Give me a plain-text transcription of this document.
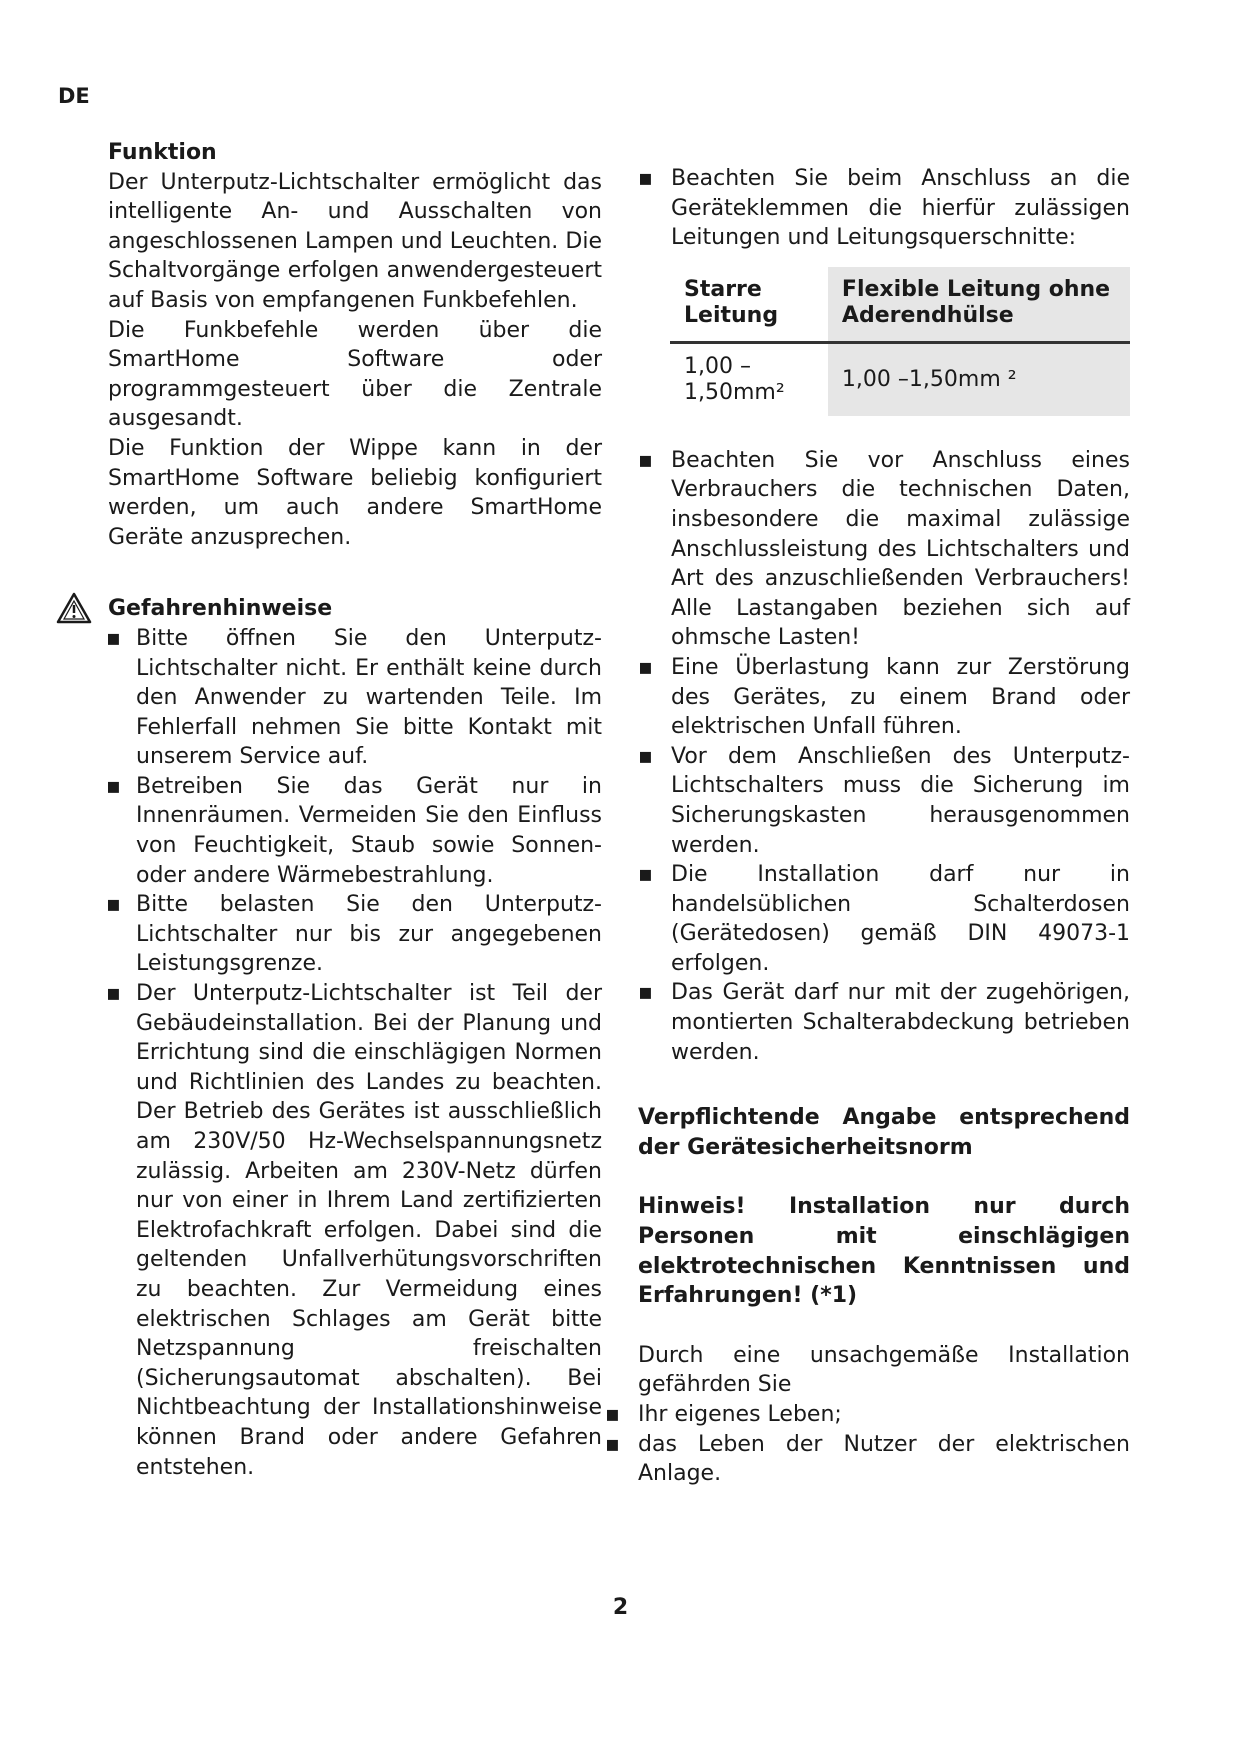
DE
Funktion

Der Unterputz-Lichtschalter ermöglicht das intelligente An- und Ausschalten von angeschlossenen Lampen und Leuchten. Die Schaltvorgänge erfolgen anwendergesteuert auf Basis von empfangenen Funkbefehlen.

Die Funkbefehle werden über die SmartHome Software oder programmgesteuert über die Zentrale ausgesandt.

Die Funktion der Wippe kann in der SmartHome Software beliebig konfiguriert werden, um auch andere SmartHome Geräte anzusprechen.

Gefahrenhinweise
▪ Bitte öffnen Sie den Unterputz-Lichtschalter nicht. Er enthält keine durch den Anwender zu wartenden Teile. Im Fehlerfall nehmen Sie bitte Kontakt mit unserem Service auf.
▪ Betreiben Sie das Gerät nur in Innenräumen. Vermeiden Sie den Einfluss von Feuchtigkeit, Staub sowie Sonnen- oder andere Wärmebestrahlung.
▪ Bitte belasten Sie den Unterputz-Lichtschalter nur bis zur angegebenen Leistungsgrenze.
▪ Der Unterputz-Lichtschalter ist Teil der Gebäudeinstallation. Bei der Planung und Errichtung sind die einschlägigen Normen und Richtlinien des Landes zu beachten. Der Betrieb des Gerätes ist ausschließlich am 230V/50 Hz-Wechselspannungsnetz zulässig. Arbeiten am 230V-Netz dürfen nur von einer in Ihrem Land zertifizierten Elektrofachkraft erfolgen. Dabei sind die geltenden Unfallverhütungsvorschriften zu beachten. Zur Vermeidung eines elektrischen Schlages am Gerät bitte Netzspannung freischalten (Sicherungsautomat abschalten). Bei Nichtbeachtung der Installationshinweise können Brand oder andere Gefahren entstehen.
▪ Beachten Sie beim Anschluss an die Geräteklemmen die hierfür zulässigen Leitungen und Leitungsquerschnitte:
Starre Leitung	Flexible Leitung ohne Aderendhülse
1,00 –1,50mm²	1,00 –1,50mm ²
▪ Beachten Sie vor Anschluss eines Verbrauchers die technischen Daten, insbesondere die maximal zulässige Anschlussleistung des Lichtschalters und Art des anzuschließenden Verbrauchers! Alle Lastangaben beziehen sich auf ohmsche Lasten!
▪ Eine Überlastung kann zur Zerstörung des Gerätes, zu einem Brand oder elektrischen Unfall führen.
▪ Vor dem Anschließen des Unterputz-Lichtschalters muss die Sicherung im Sicherungskasten herausgenommen werden.
▪ Die Installation darf nur in handelsüblichen Schalterdosen (Gerätedosen) gemäß DIN 49073-1 erfolgen.
▪ Das Gerät darf nur mit der zugehörigen, montierten Schalterabdeckung betrieben werden.
Verpflichtende Angabe entsprechend der Gerätesicherheitsnorm

Hinweis! Installation nur durch Personen mit einschlägigen elektrotechnischen Kenntnissen und Erfahrungen! (*1)

Durch eine unsachgemäße Installation gefährden Sie

▪ Ihr eigenes Leben;
▪ das Leben der Nutzer der elektrischen Anlage.
2
